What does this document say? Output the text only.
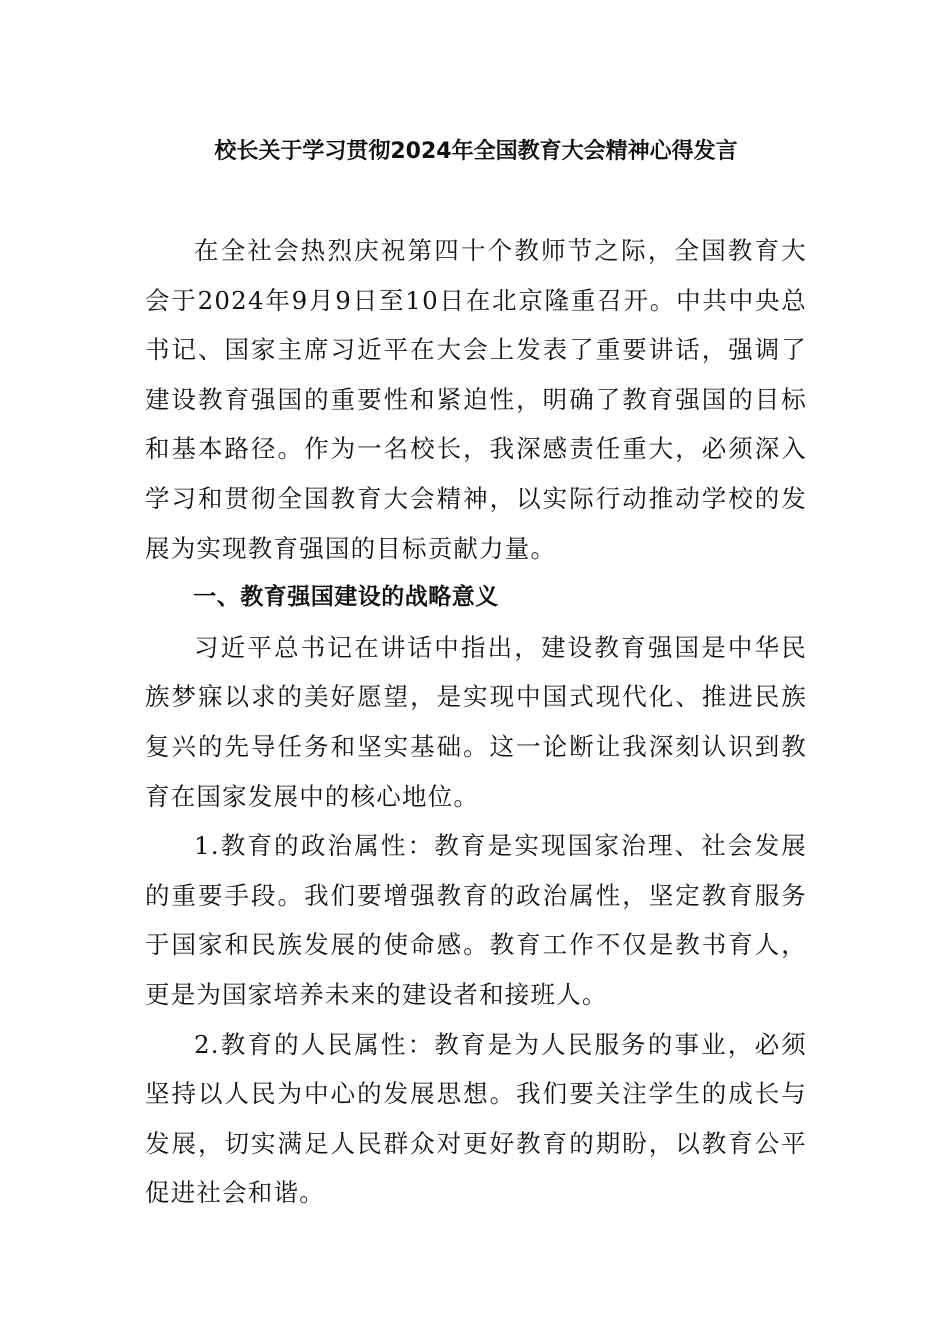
校长关于学习贯彻2024年全国教育大会精神心得发言

在全社会热烈庆祝第四十个教师节之际，全国教育大会于2024年9月9日至10日在北京隆重召开。中共中央总书记、国家主席习近平在大会上发表了重要讲话，强调了建设教育强国的重要性和紧迫性，明确了教育强国的目标和基本路径。作为一名校长，我深感责任重大，必须深入学习和贯彻全国教育大会精神，以实际行动推动学校的发展为实现教育强国的目标贡献力量。

一、教育强国建设的战略意义

习近平总书记在讲话中指出，建设教育强国是中华民族梦寐以求的美好愿望，是实现中国式现代化、推进民族复兴的先导任务和坚实基础。这一论断让我深刻认识到教育在国家发展中的核心地位。

1.教育的政治属性：教育是实现国家治理、社会发展的重要手段。我们要增强教育的政治属性，坚定教育服务于国家和民族发展的使命感。教育工作不仅是教书育人，更是为国家培养未来的建设者和接班人。

2.教育的人民属性：教育是为人民服务的事业，必须坚持以人民为中心的发展思想。我们要关注学生的成长与发展，切实满足人民群众对更好教育的期盼，以教育公平促进社会和谐。
